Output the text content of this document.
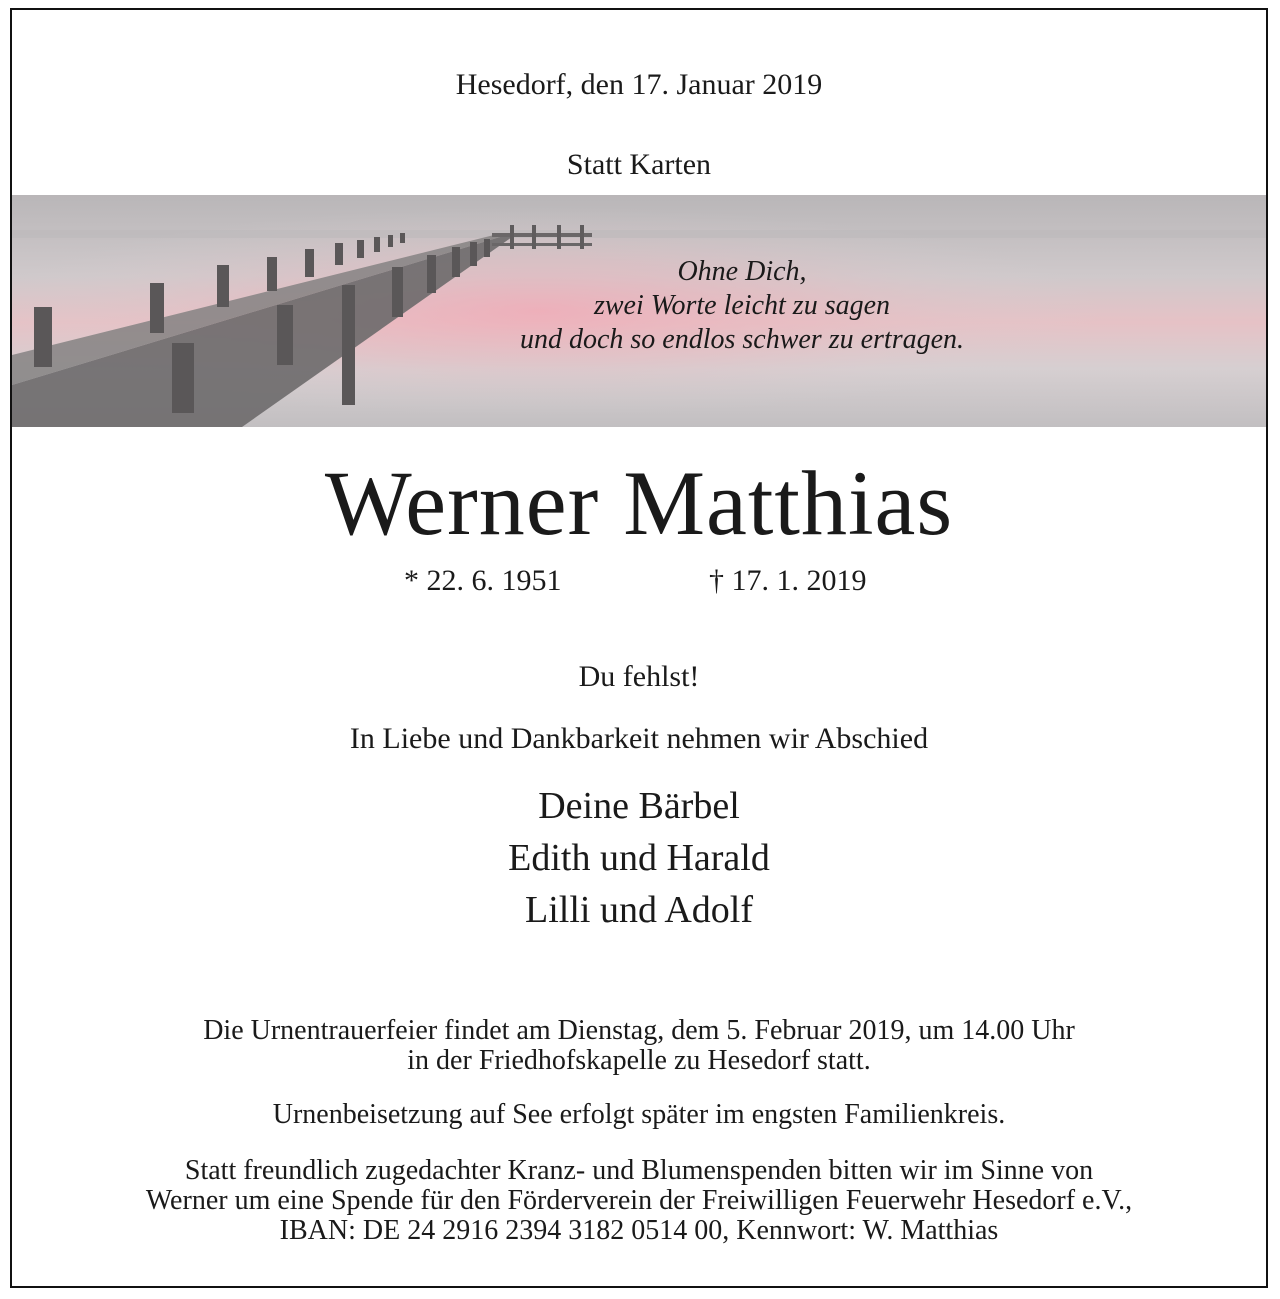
Hesedorf, den 17. Januar 2019
Statt Karten
Ohne Dich,
zwei Worte leicht zu sagen
und doch so endlos schwer zu ertragen.
Werner Matthias
* 22. 6. 1951	† 17. 1. 2019
Du fehlst!
In Liebe und Dankbarkeit nehmen wir Abschied
Deine Bärbel
Edith und Harald
Lilli und Adolf
Die Urnentrauerfeier findet am Dienstag, dem 5. Februar 2019, um 14.00 Uhr
in der Friedhofskapelle zu Hesedorf statt.
Urnenbeisetzung auf See erfolgt später im engsten Familienkreis.
Statt freundlich zugedachter Kranz- und Blumenspenden bitten wir im Sinne von
Werner um eine Spende für den Förderverein der Freiwilligen Feuerwehr Hesedorf e.V.,
IBAN: DE 24 2916 2394 3182 0514 00, Kennwort: W. Matthias
